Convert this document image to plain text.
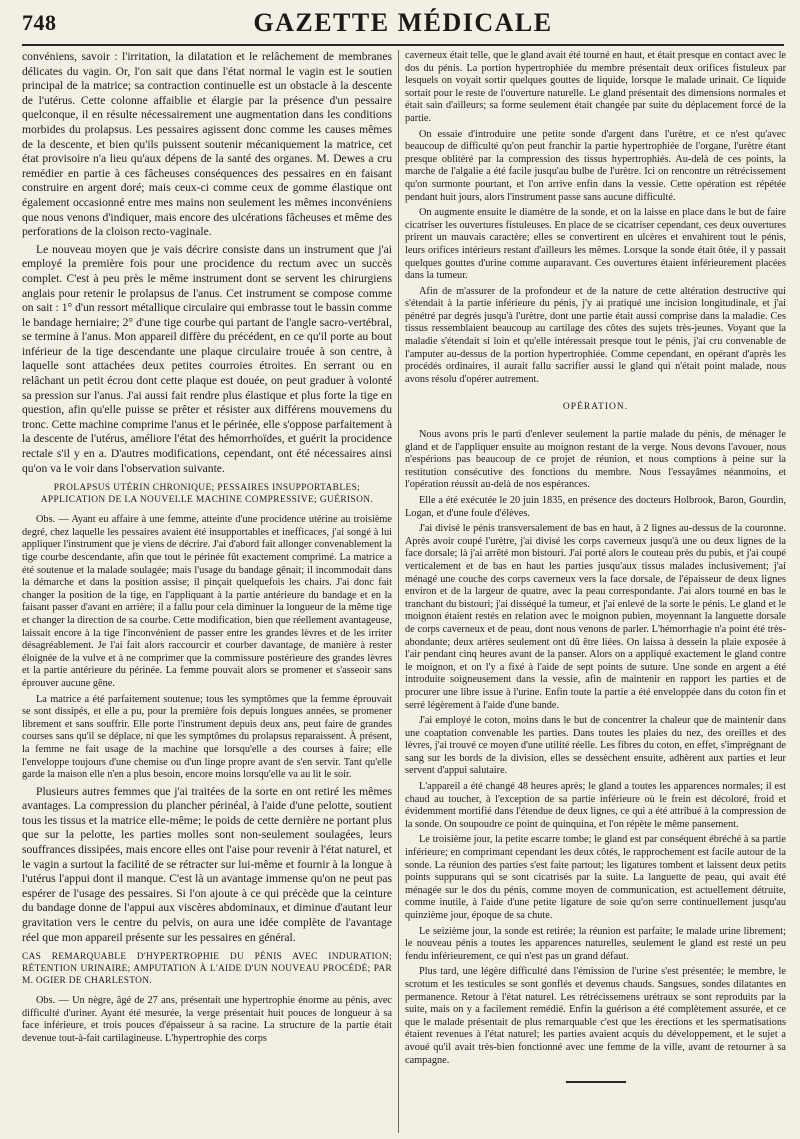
748	GAZETTE MÉDICALE

convéniens, savoir : l'irritation, la dilatation et le relâchement de membranes délicates du vagin. Or, l'on sait que dans l'état normal le vagin est le soutien principal de la matrice; sa contraction continuelle est un obstacle à la descente de l'utérus. Cette colonne affaiblie et élargie par la présence d'un pessaire quelconque, il en résulte nécessairement une augmentation dans les conditions morbides du prolapsus. Les pessaires agissent donc comme les causes mêmes de la descente, et bien qu'ils puissent soutenir mécaniquement la matrice, cet état provisoire n'a lieu qu'aux dépens de la santé des organes. M. Dewes a cru remédier en partie à ces fâcheuses conséquences des pessaires en en faisant construire en argent doré; mais ceux-ci comme ceux de gomme élastique ont également occasionné entre mes mains non seulement les mêmes inconvéniens que nous venons d'indiquer, mais encore des ulcérations fâcheuses et même des perforations de la cloison recto-vaginale.

Le nouveau moyen que je vais décrire consiste dans un instrument que j'ai employé la première fois pour une procidence du rectum avec un succès complet. C'est à peu près le même instrument dont se servent les chirurgiens anglais pour retenir le prolapsus de l'anus. Cet instrument se compose comme on sait : 1° d'un ressort métallique circulaire qui embrasse tout le bassin comme le bandage herniaire; 2° d'une tige courbe qui partant de l'angle sacro-vertébral, se termine à l'anus. Mon appareil diffère du précédent, en ce qu'il porte au bout inférieur de la tige descendante une plaque circulaire trouée à son centre, à laquelle sont attachées deux petites courroies étroites. En serrant ou en relâchant un petit écrou dont cette plaque est douée, on peut graduer à volonté sa pression sur l'anus. J'ai aussi fait rendre plus élastique et plus forte la tige en question, afin qu'elle puisse se prêter et résister aux différens mouvemens du tronc. Cette machine comprime l'anus et le périnée, elle s'oppose parfaitement à la descente de l'utérus, améliore l'état des hémorrhoïdes, et guérit la procidence rectale s'il y en a. D'autres modifications, cependant, ont été nécessaires ainsi qu'on va le voir dans l'observation suivante.

PROLAPSUS UTÉRIN CHRONIQUE; PESSAIRES INSUPPORTABLES; APPLICATION DE LA NOUVELLE MACHINE COMPRESSIVE; GUÉRISON.

Obs. — Ayant eu affaire à une femme, atteinte d'une procidence utérine au troisième degré, chez laquelle les pessaires avaient été insupportables et inefficaces, j'ai songé à lui appliquer l'instrument que je viens de décrire. J'ai d'abord fait allonger convenablement la tige courbe descendante, afin que tout le périnée fût exactement comprimé. La matrice a été soutenue et la malade soulagée; mais l'usage du bandage gênait; il incommodait dans la démarche et dans la position assise; il pinçait quelquefois les chairs. J'ai donc fait changer la position de la tige, en l'appliquant à la partie antérieure du bandage et en la faisant passer d'avant en arrière; il a fallu pour cela diminuer la longueur de la même tige et changer la direction de sa courbe. Cette modification, bien que réellement avantageuse, laissait encore à la tige l'inconvénient de passer entre les grandes lèvres et de les irriter désagréablement. Je l'ai fait alors raccourcir et courber davantage, de manière à rester éloignée de la vulve et à ne comprimer que la commissure postérieure des grandes lèvres et la partie antérieure du périnée. La femme pouvait alors se promener et s'asseoir sans éprouver aucune gêne.

La matrice a été parfaitement soutenue; tous les symptômes que la femme éprouvait se sont dissipés, et elle a pu, pour la première fois depuis longues années, se promener librement et sans souffrir. Elle porte l'instrument depuis deux ans, peut faire de grandes courses sans qu'il se déplace, ni que les symptômes du prolapsus reparaissent. À présent, la femme ne fait usage de la machine que lorsqu'elle a des courses à faire; elle l'enveloppe toujours d'une chemise ou d'un linge propre avant de s'en servir. Tant qu'elle garde la maison elle n'en a plus besoin, encore moins lorsqu'elle va au lit le soir.

Plusieurs autres femmes que j'ai traitées de la sorte en ont retiré les mêmes avantages. La compression du plancher périnéal, à l'aide d'une pelotte, soutient tous les tissus et la matrice elle-même; le poids de cette dernière ne portant plus que sur la pelotte, les parties molles sont non-seulement soulagées, leurs souffrances dissipées, mais encore elles ont l'aise pour revenir à l'état naturel, et le vagin a surtout la facilité de se rétracter sur lui-même et fournir à la longue à l'utérus l'appui dont il manque. C'est là un avantage immense qu'on ne peut pas espérer de l'usage des pessaires. Si l'on ajoute à ce qui précède que la ceinture du bandage donne de l'appui aux viscères abdominaux, et diminue d'autant leur gravitation vers le centre du pelvis, on aura une idée complète de l'avantage réel que mon appareil présente sur les pessaires en général.

CAS REMARQUABLE D'HYPERTROPHIE DU PÉNIS AVEC INDURATION; RÉTENTION URINAIRE; AMPUTATION À L'AIDE D'UN NOUVEAU PROCÉDÉ; PAR M. OGIER DE CHARLESTON.

Obs. — Un nègre, âgé de 27 ans, présentait une hypertrophie énorme au pénis, avec difficulté d'uriner. Ayant été mesurée, la verge présentait huit pouces de longueur à sa face inférieure, et trois pouces d'épaisseur à sa racine. La structure de la partie était devenue tout-à-fait cartilagineuse. L'hypertrophie des corps

caverneux était telle, que le gland avait été tourné en haut, et était presque en contact avec le dos du pénis. La portion hypertrophiée du membre présentait deux orifices fistuleux par lesquels on voyait sortir quelques gouttes de liquide, lorsque le malade urinait. Ce liquide sortait pour le reste de l'ouverture naturelle. Le gland présentait des dimensions normales et était sain d'ailleurs; sa forme seulement était changée par suite du déplacement forcé de la partie.

On essaie d'introduire une petite sonde d'argent dans l'urètre, et ce n'est qu'avec beaucoup de difficulté qu'on peut franchir la partie hypertrophiée de l'organe, l'urètre étant presque oblitéré par la compression des tissus hypertrophiés. Au-delà de ces points, la marche de l'algalie a été facile jusqu'au bulbe de l'urètre. Ici on rencontre un rétrécissement qu'on surmonte pourtant, et l'on arrive enfin dans la vessie. Cette opération est répétée pendant huit jours, alors l'instrument passe sans aucune difficulté.

On augmente ensuite le diamètre de la sonde, et on la laisse en place dans le but de faire cicatriser les ouvertures fistuleuses. En place de se cicatriser cependant, ces deux ouvertures prirent un mauvais caractère; elles se convertirent en ulcères et envahirent tout le pénis, leurs orifices intérieurs restant d'ailleurs les mêmes. Lorsque la sonde était ôtée, il y passait quelques gouttes d'urine comme auparavant. Ces ouvertures étaient inférieurement placées dans la tumeur.

Afin de m'assurer de la profondeur et de la nature de cette altération destructive qui s'étendait à la partie inférieure du pénis, j'y ai pratiqué une incision longitudinale, et j'ai pénétré par degrés jusqu'à l'urètre, dont une partie était aussi comprise dans la maladie. Ces tissus ressemblaient beaucoup au cartilage des côtes des sujets très-jeunes. Voyant que la maladie s'étendait si loin et qu'elle intéressait presque tout le pénis, j'ai cru convenable de l'amputer au-dessus de la portion hypertrophiée. Comme cependant, en opérant d'après les procédés ordinaires, il aurait fallu sacrifier aussi le gland qui n'était point malade, nous avons résolu d'opérer autrement.

OPÉRATION.

Nous avons pris le parti d'enlever seulement la partie malade du pénis, de ménager le gland et de l'appliquer ensuite au moignon restant de la verge. Nous devons l'avouer, nous n'espérions pas beaucoup de ce projet de réunion, et nous comptions à peine sur la restitution consécutive des fonctions du membre. Nous l'essayâmes néanmoins, et l'opération réussit au-delà de nos espérances.

Elle a été exécutée le 20 juin 1835, en présence des docteurs Holbrook, Baron, Gourdin, Logan, et d'une foule d'élèves.

J'ai divisé le pénis transversalement de bas en haut, à 2 lignes au-dessus de la couronne. Après avoir coupé l'urètre, j'ai divisé les corps caverneux jusqu'à une ou deux lignes de la face dorsale; là j'ai arrêté mon bistouri. J'ai porté alors le couteau près du pubis, et j'ai coupé verticalement et de bas en haut les parties jusqu'aux tissus malades inclusivement; j'ai ménagé une couche des corps caverneux vers la face dorsale, de l'épaisseur de deux lignes environ et de la largeur de quatre, avec la peau correspondante. J'ai alors tourné en bas le tranchant du bistouri; j'ai disséqué la tumeur, et j'ai enlevé de la sorte le pénis. Le gland et le moignon étaient restés en relation avec le moignon pubien, moyennant la languette dorsale de corps caverneux et de peau, dont nous venons de parler. L'hémorrhagie n'a point été très-abondante; deux artères seulement ont dû être liées. On laissa à dessein la plaie exposée à l'air pendant cinq heures avant de la panser. Alors on a appliqué exactement le gland contre le moignon, et on l'y a fixé à l'aide de sept points de suture. Une sonde en argent a été introduite soigneusement dans la vessie, afin de maintenir en rapport les parties et de procurer une libre issue à l'urine. Enfin toute la partie a été enveloppée dans du coton fin et serré légèrement à l'aide d'une bande.

J'ai employé le coton, moins dans le but de concentrer la chaleur que de maintenir dans une coaptation convenable les parties. Dans toutes les plaies du nez, des oreilles et des lèvres, j'ai trouvé ce moyen d'une utilité réelle. Les fibres du coton, en effet, s'imprégnant de sang sur les bords de la division, elles se dessèchent ensuite, adhèrent aux parties et leur servent d'appui salutaire.

L'appareil a été changé 48 heures après; le gland a toutes les apparences normales; il est chaud au toucher, à l'exception de sa partie inférieure où le frein est décoloré, froid et évidemment mortifié dans l'étendue de deux lignes, ce qui a été attribué à la compression de la sonde. On soupoudre ce point de quinquina, et l'on répète le même pansement.

Le troisième jour, la petite escarre tombe; le gland est par conséquent ébréché à sa partie inférieure; en comprimant cependant les deux côtés, le rapprochement est facile autour de la sonde. La réunion des parties s'est faite partout; les ligatures tombent et laissent deux petits points suppurans qui se sont cicatrisés par la suite. La languette de peau, qui avait été ménagée sur le dos du pénis, comme moyen de communication, est actuellement détruite, comme inutile, à l'aide d'une petite ligature de soie qu'on serre continuellement jusqu'au quinzième jour, époque de sa chute.

Le seizième jour, la sonde est retirée; la réunion est parfaite; le malade urine librement; le nouveau pénis a toutes les apparences naturelles, seulement le gland est resté un peu fendu inférieurement, ce qui n'est pas un grand défaut.

Plus tard, une légère difficulté dans l'émission de l'urine s'est présentée; le membre, le scrotum et les testicules se sont gonflés et devenus chauds. Sangsues, sondes dilatantes en permanence. Retour à l'état naturel. Les rétrécissemens urétraux se sont reproduits par la suite, mais on y a facilement remédié. Enfin la guérison a été complètement assurée, et ce que le malade présentait de plus remarquable c'est que les érections et les spermatisations étaient revenues à l'état naturel; les parties avaient acquis du développement, et le sujet a avoué qu'il avait très-bien fonctionné avec une femme de la ville, avant de retourner à sa campagne.
